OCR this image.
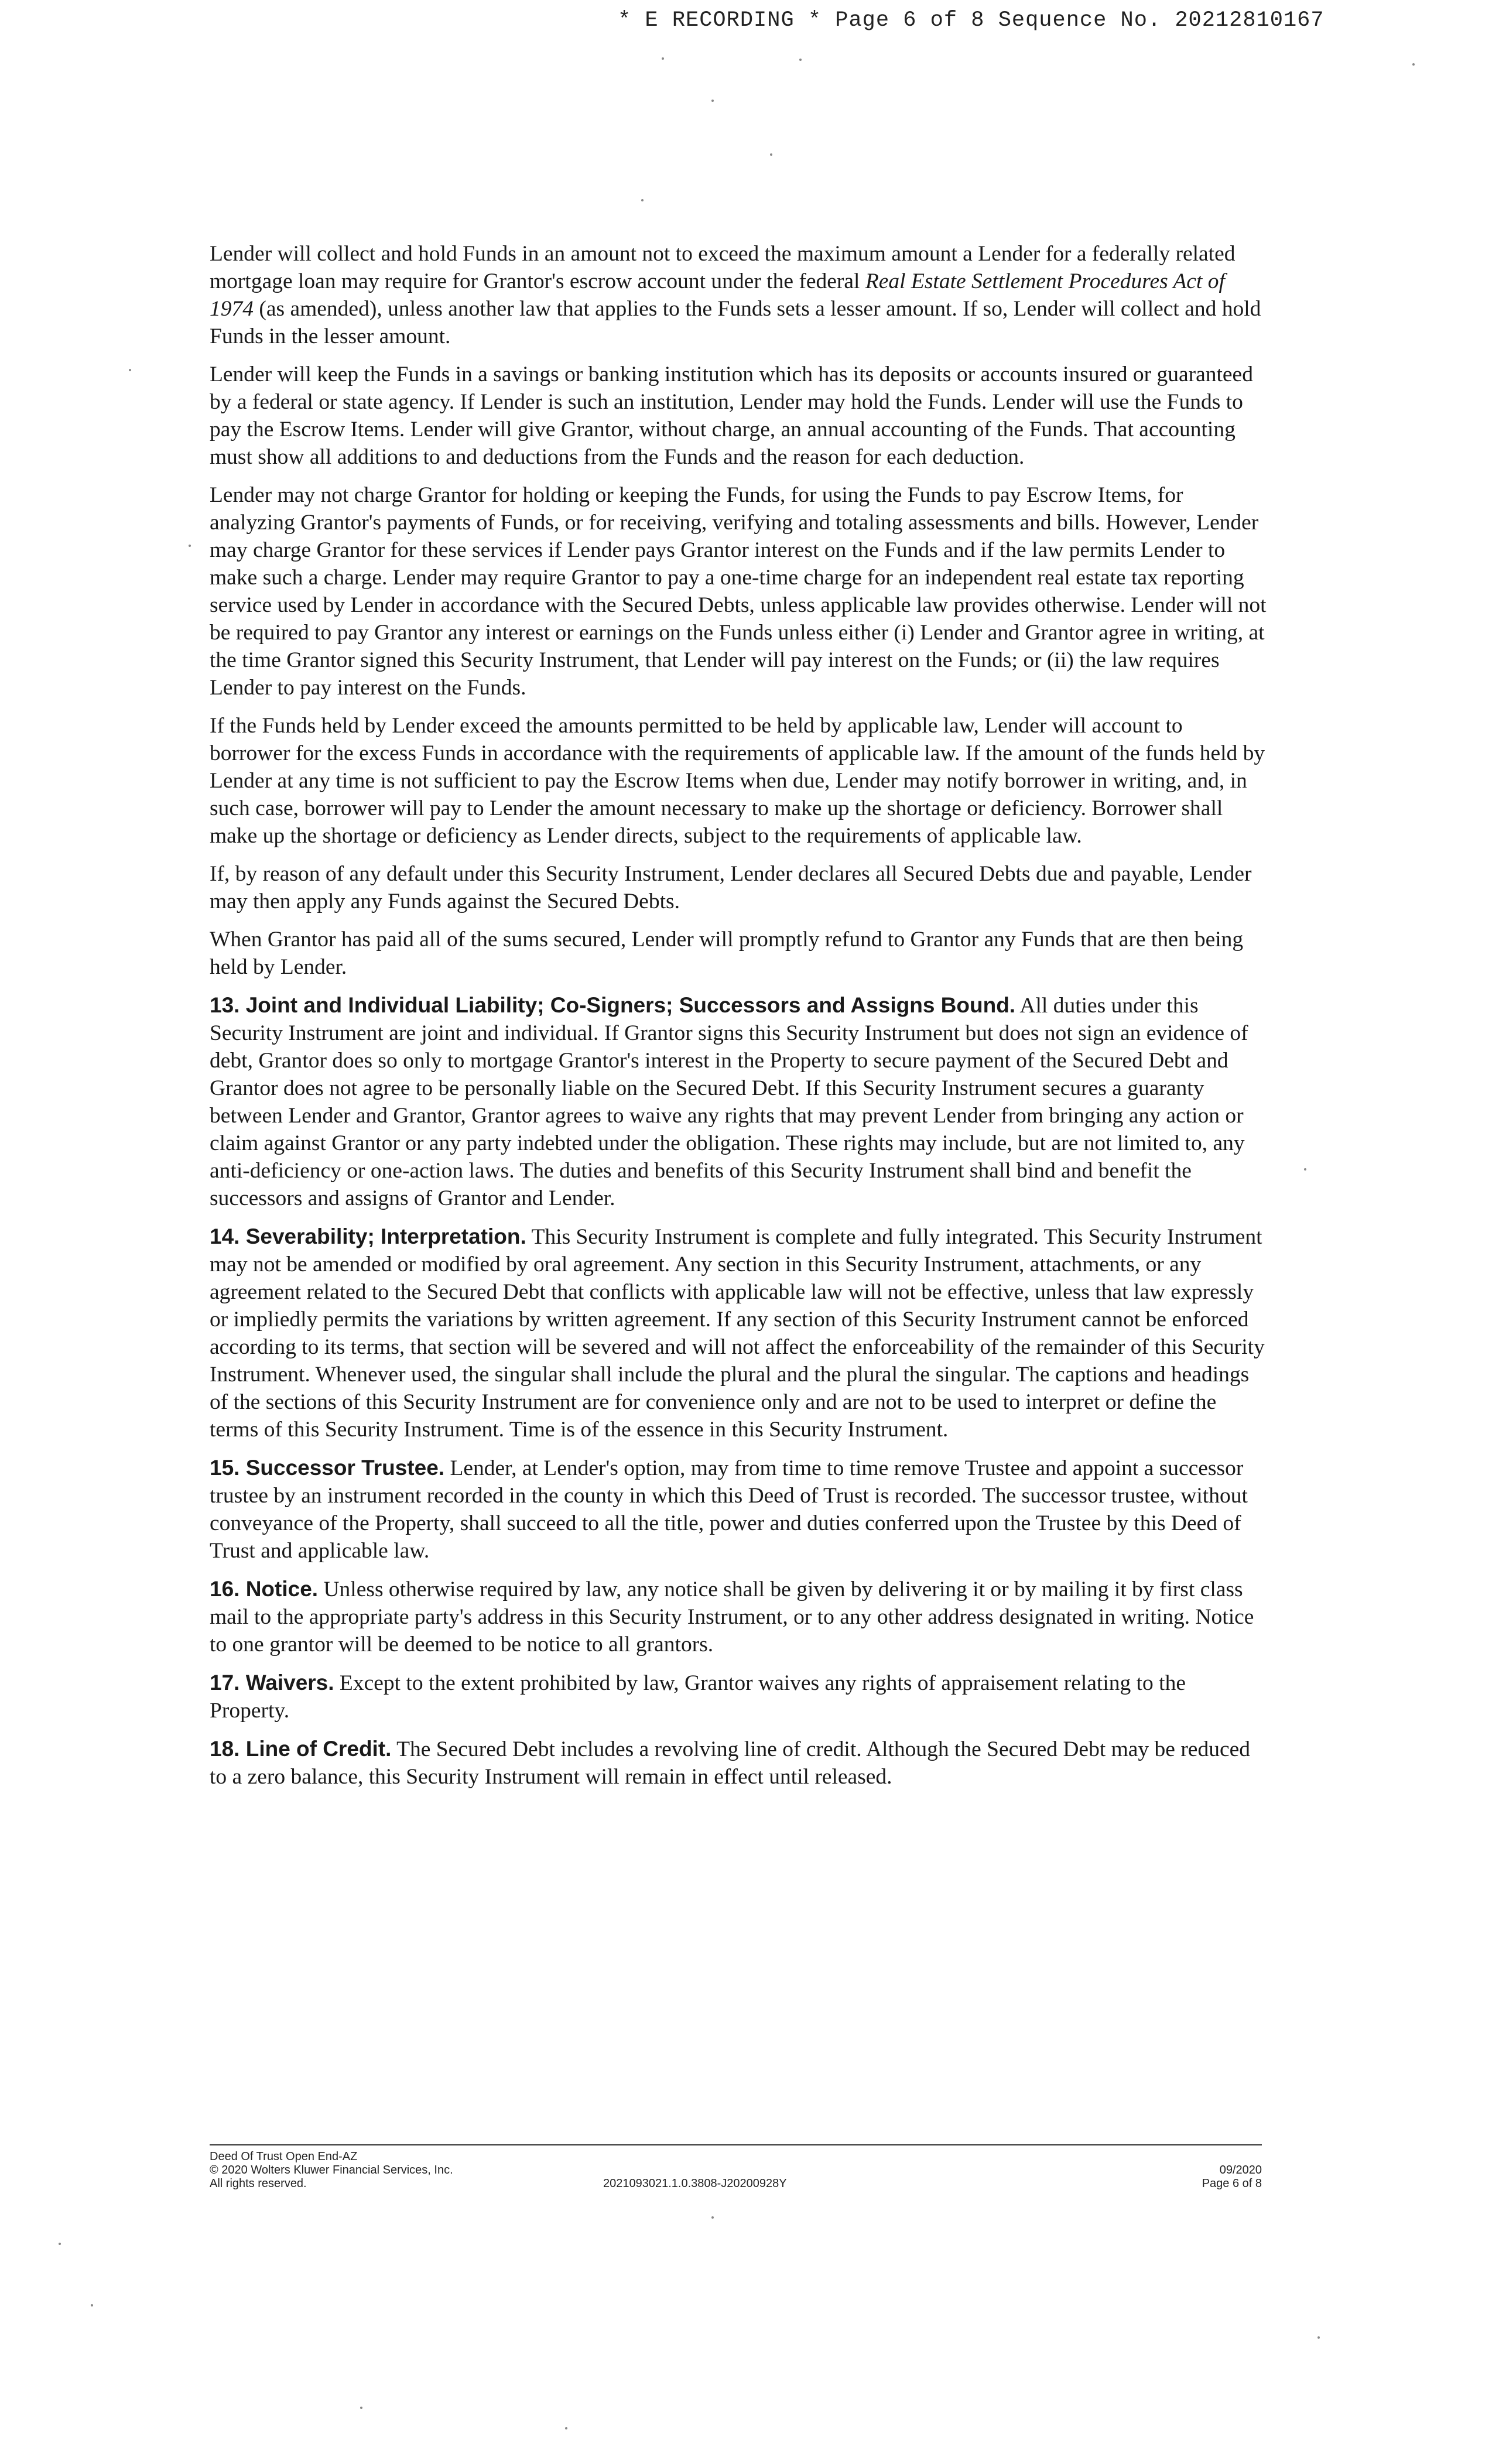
* E RECORDING * Page 6 of 8 Sequence No. 20212810167

Lender will collect and hold Funds in an amount not to exceed the maximum amount a Lender for a federally related mortgage loan may require for Grantor's escrow account under the federal Real Estate Settlement Procedures Act of 1974 (as amended), unless another law that applies to the Funds sets a lesser amount. If so, Lender will collect and hold Funds in the lesser amount.

Lender will keep the Funds in a savings or banking institution which has its deposits or accounts insured or guaranteed by a federal or state agency. If Lender is such an institution, Lender may hold the Funds. Lender will use the Funds to pay the Escrow Items. Lender will give Grantor, without charge, an annual accounting of the Funds. That accounting must show all additions to and deductions from the Funds and the reason for each deduction.

Lender may not charge Grantor for holding or keeping the Funds, for using the Funds to pay Escrow Items, for analyzing Grantor's payments of Funds, or for receiving, verifying and totaling assessments and bills. However, Lender may charge Grantor for these services if Lender pays Grantor interest on the Funds and if the law permits Lender to make such a charge. Lender may require Grantor to pay a one-time charge for an independent real estate tax reporting service used by Lender in accordance with the Secured Debts, unless applicable law provides otherwise. Lender will not be required to pay Grantor any interest or earnings on the Funds unless either (i) Lender and Grantor agree in writing, at the time Grantor signed this Security Instrument, that Lender will pay interest on the Funds; or (ii) the law requires Lender to pay interest on the Funds.

If the Funds held by Lender exceed the amounts permitted to be held by applicable law, Lender will account to borrower for the excess Funds in accordance with the requirements of applicable law. If the amount of the funds held by Lender at any time is not sufficient to pay the Escrow Items when due, Lender may notify borrower in writing, and, in such case, borrower will pay to Lender the amount necessary to make up the shortage or deficiency. Borrower shall make up the shortage or deficiency as Lender directs, subject to the requirements of applicable law.

If, by reason of any default under this Security Instrument, Lender declares all Secured Debts due and payable, Lender may then apply any Funds against the Secured Debts.

When Grantor has paid all of the sums secured, Lender will promptly refund to Grantor any Funds that are then being held by Lender.

13. Joint and Individual Liability; Co-Signers; Successors and Assigns Bound. All duties under this Security Instrument are joint and individual. If Grantor signs this Security Instrument but does not sign an evidence of debt, Grantor does so only to mortgage Grantor's interest in the Property to secure payment of the Secured Debt and Grantor does not agree to be personally liable on the Secured Debt. If this Security Instrument secures a guaranty between Lender and Grantor, Grantor agrees to waive any rights that may prevent Lender from bringing any action or claim against Grantor or any party indebted under the obligation. These rights may include, but are not limited to, any anti-deficiency or one-action laws. The duties and benefits of this Security Instrument shall bind and benefit the successors and assigns of Grantor and Lender.

14. Severability; Interpretation. This Security Instrument is complete and fully integrated. This Security Instrument may not be amended or modified by oral agreement. Any section in this Security Instrument, attachments, or any agreement related to the Secured Debt that conflicts with applicable law will not be effective, unless that law expressly or impliedly permits the variations by written agreement. If any section of this Security Instrument cannot be enforced according to its terms, that section will be severed and will not affect the enforceability of the remainder of this Security Instrument. Whenever used, the singular shall include the plural and the plural the singular. The captions and headings of the sections of this Security Instrument are for convenience only and are not to be used to interpret or define the terms of this Security Instrument. Time is of the essence in this Security Instrument.

15. Successor Trustee. Lender, at Lender's option, may from time to time remove Trustee and appoint a successor trustee by an instrument recorded in the county in which this Deed of Trust is recorded. The successor trustee, without conveyance of the Property, shall succeed to all the title, power and duties conferred upon the Trustee by this Deed of Trust and applicable law.

16. Notice. Unless otherwise required by law, any notice shall be given by delivering it or by mailing it by first class mail to the appropriate party's address in this Security Instrument, or to any other address designated in writing. Notice to one grantor will be deemed to be notice to all grantors.

17. Waivers. Except to the extent prohibited by law, Grantor waives any rights of appraisement relating to the Property.

18. Line of Credit. The Secured Debt includes a revolving line of credit. Although the Secured Debt may be reduced to a zero balance, this Security Instrument will remain in effect until released.

Deed Of Trust Open End-AZ
© 2020 Wolters Kluwer Financial Services, Inc.
All rights reserved.	2021093021.1.0.3808-J20200928Y
09/2020
Page 6 of 8
